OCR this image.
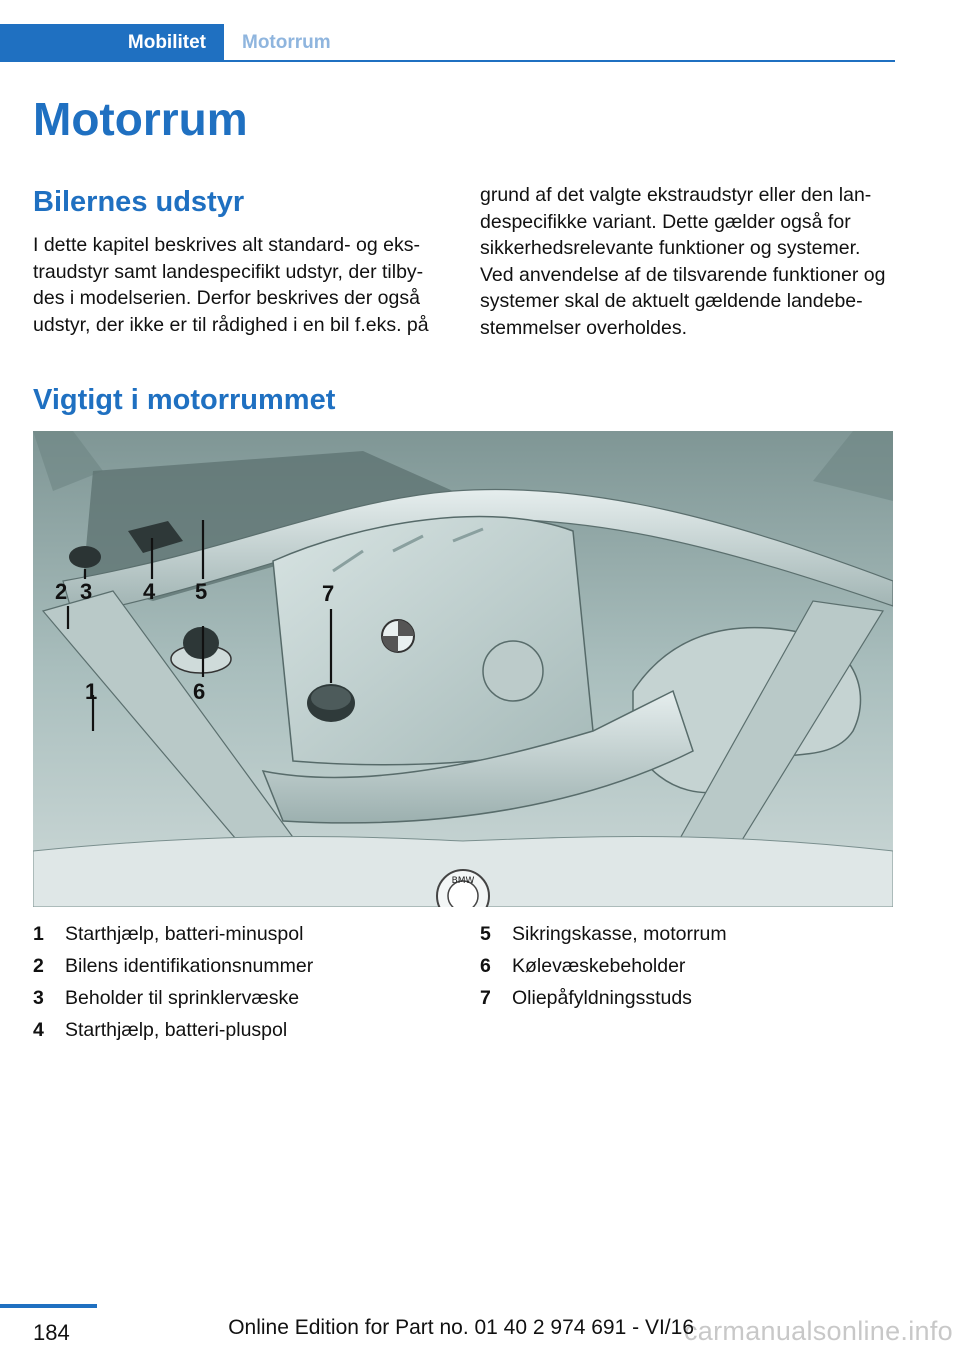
Mobilitet	Motorrum
Motorrum
Bilernes udstyr

I dette kapitel beskrives alt standard- og eks‐
traudstyr samt landespecifikt udstyr, der tilby‐
des i modelserien. Derfor beskrives der også
udstyr, der ikke er til rådighed i en bil f.eks. på

grund af det valgte ekstraudstyr eller den lan‐
despecifikke variant. Dette gælder også for
sikkerhedsrelevante funktioner og systemer.
Ved anvendelse af de tilsvarende funktioner og
systemer skal de aktuelt gældende landebe‐
stemmelser overholdes.

Vigtigt i motorrummet
BMW
1
2 3 4 5
6
7
1	Starthjælp, batteri-minuspol
2	Bilens identifikationsnummer
3	Beholder til sprinklervæske
4	Starthjælp, batteri-pluspol
5	Sikringskasse, motorrum
6	Kølevæskebeholder
7	Oliepåfyldningsstuds
184	carmanualsonline.info
Online Edition for Part no. 01 40 2 974 691 - VI/16
